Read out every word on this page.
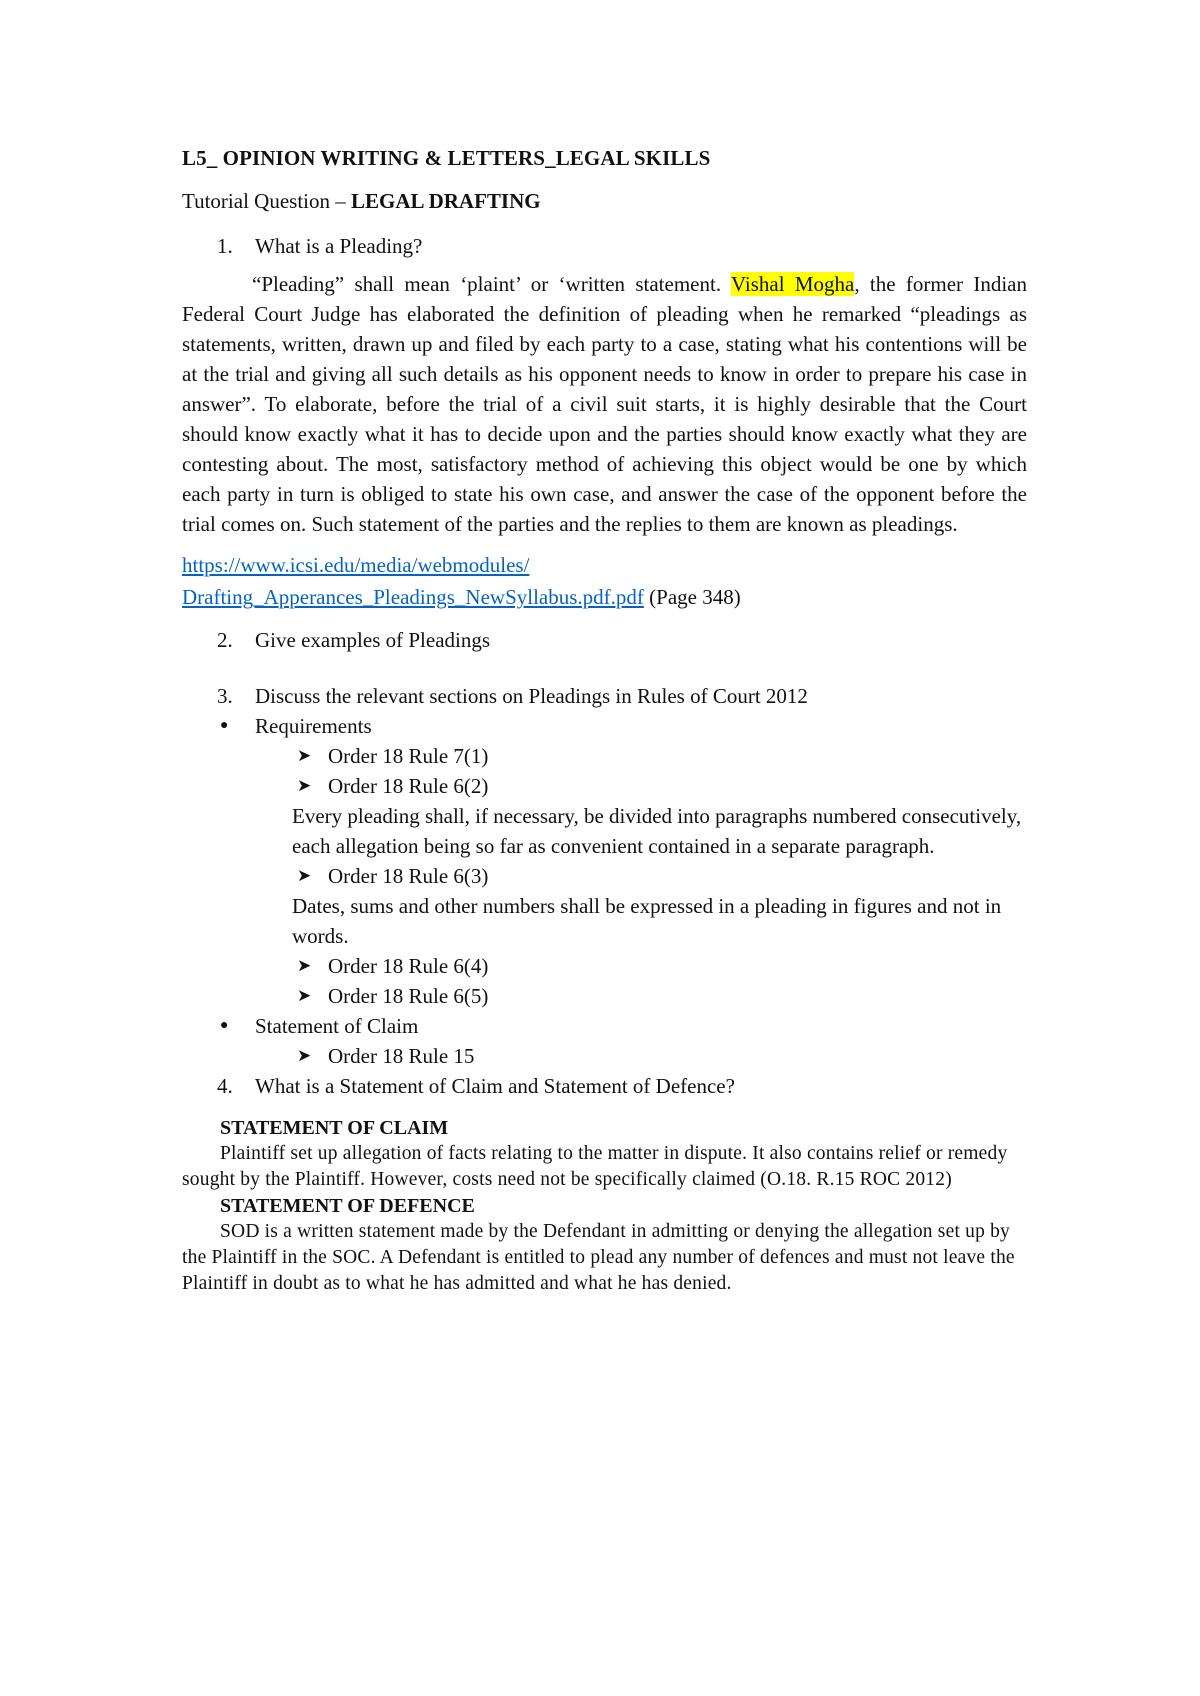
L5_ OPINION WRITING & LETTERS_LEGAL SKILLS
Tutorial Question – LEGAL DRAFTING
1.	What is a Pleading?
“Pleading” shall mean ‘plaint’ or ‘written statement. Vishal Mogha, the former Indian Federal Court Judge has elaborated the definition of pleading when he remarked “pleadings as statements, written, drawn up and filed by each party to a case, stating what his contentions will be at the trial and giving all such details as his opponent needs to know in order to prepare his case in answer”. To elaborate, before the trial of a civil suit starts, it is highly desirable that the Court should know exactly what it has to decide upon and the parties should know exactly what they are contesting about. The most, satisfactory method of achieving this object would be one by which each party in turn is obliged to state his own case, and answer the case of the opponent before the trial comes on. Such statement of the parties and the replies to them are known as pleadings.
https://www.icsi.edu/media/webmodules/
Drafting_Apperances_Pleadings_NewSyllabus.pdf.pdf (Page 348)
2.	Give examples of Pleadings
3.	Discuss the relevant sections on Pleadings in Rules of Court 2012
●	Requirements
➤ Order 18 Rule 7(1)
➤ Order 18 Rule 6(2)
Every pleading shall, if necessary, be divided into paragraphs numbered consecutively, each allegation being so far as convenient contained in a separate paragraph.
➤ Order 18 Rule 6(3)
Dates, sums and other numbers shall be expressed in a pleading in figures and not in words.
➤ Order 18 Rule 6(4)
➤ Order 18 Rule 6(5)
●	Statement of Claim
➤ Order 18 Rule 15
4.	What is a Statement of Claim and Statement of Defence?
STATEMENT OF CLAIM
Plaintiff set up allegation of facts relating to the matter in dispute. It also contains relief or remedy sought by the Plaintiff. However, costs need not be specifically claimed (O.18. R.15 ROC 2012)
STATEMENT OF DEFENCE
SOD is a written statement made by the Defendant in admitting or denying the allegation set up by the Plaintiff in the SOC. A Defendant is entitled to plead any number of defences and must not leave the Plaintiff in doubt as to what he has admitted and what he has denied.
